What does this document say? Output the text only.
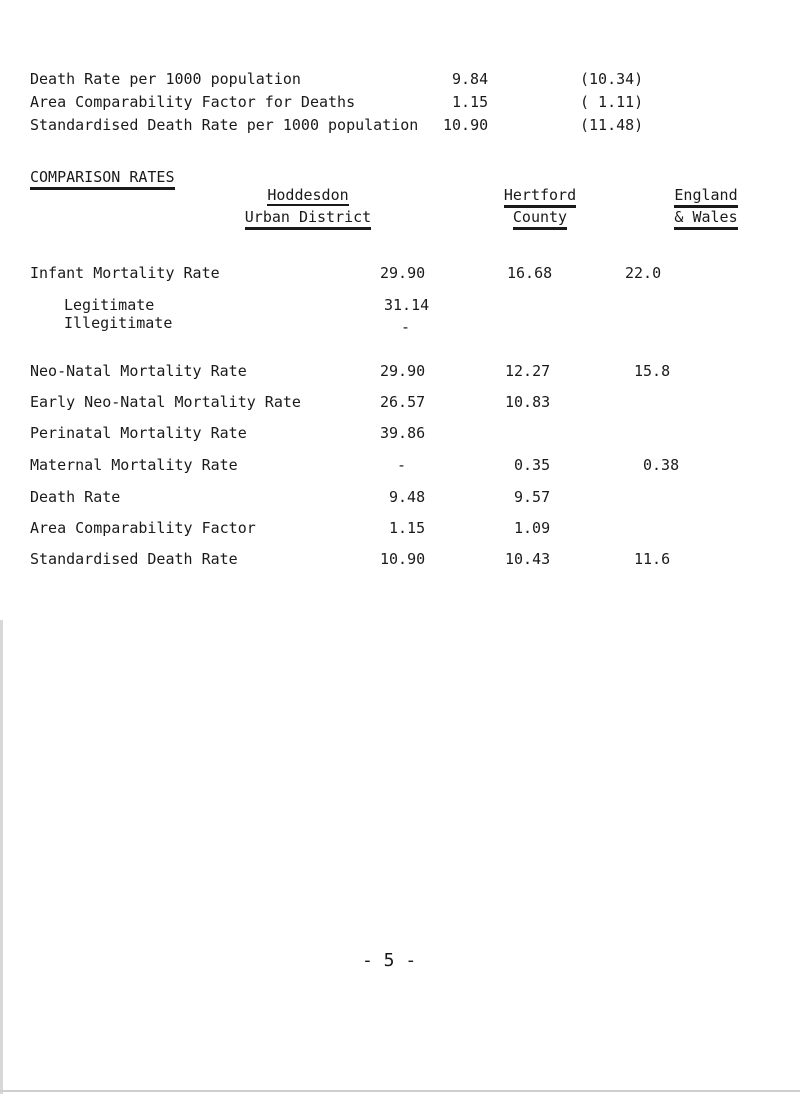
Death Rate per 1000 population	9.84	(10.34)
Area Comparability Factor for Deaths	1.15	( 1.11)
Standardised Death Rate per 1000 population 10.90	(11.48)
COMPARISON RATES
Hoddesdon
Urban District
Hertford
County
England
& Wales
Infant Mortality Rate	29.90	16.68	22.0
Legitimate	31.14
Illegitimate	-
Neo-Natal Mortality Rate	29.90	12.27	15.8
Early Neo-Natal Mortality Rate	26.57	10.83
Perinatal Mortality Rate	39.86
Maternal Mortality Rate	-	0.35	0.38
Death Rate	9.48	9.57
Area Comparability Factor	1.15	1.09
Standardised Death Rate	10.90	10.43	11.6
- 5 -
